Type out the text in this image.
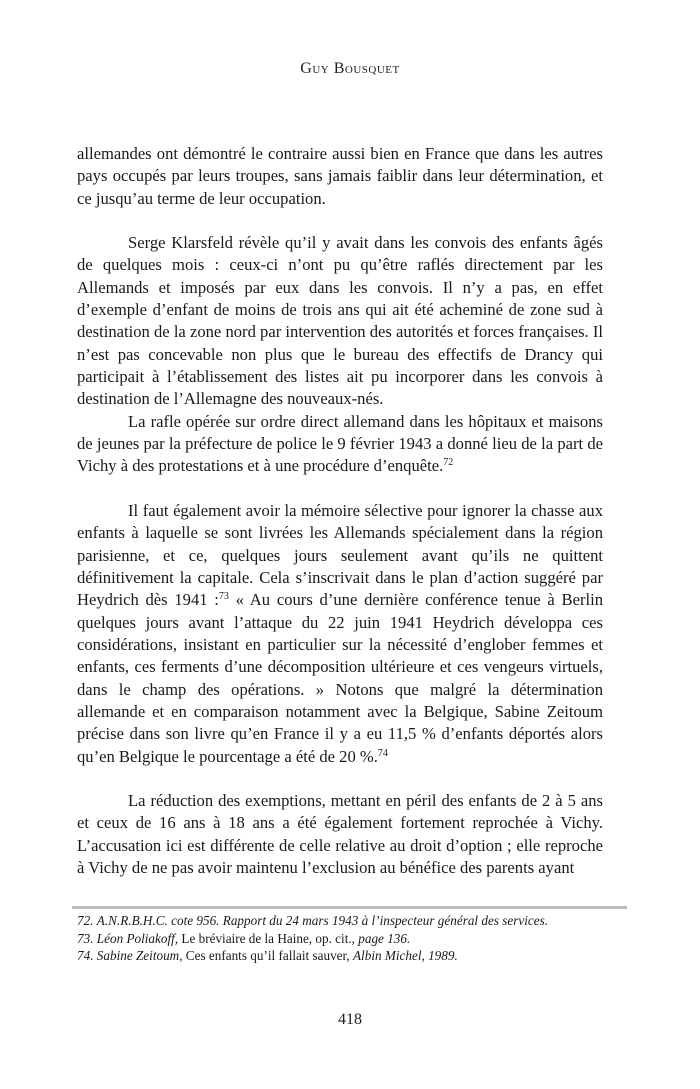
Guy Bousquet

allemandes ont démontré le contraire aussi bien en France que dans les autres pays occupés par leurs troupes, sans jamais faiblir dans leur détermination, et ce jusqu’au terme de leur occupation.

Serge Klarsfeld révèle qu’il y avait dans les convois des enfants âgés de quelques mois : ceux-ci n’ont pu qu’être raflés directement par les Allemands et imposés par eux dans les convois. Il n’y a pas, en effet d’exemple d’enfant de moins de trois ans qui ait été acheminé de zone sud à destination de la zone nord par intervention des autorités et forces françaises. Il n’est pas concevable non plus que le bureau des effectifs de Drancy qui participait à l’établissement des listes ait pu incorporer dans les convois à destination de l’Allemagne des nouveaux-nés.

La rafle opérée sur ordre direct allemand dans les hôpitaux et maisons de jeunes par la préfecture de police le 9 février 1943 a donné lieu de la part de Vichy à des protestations et à une procédure d’enquête.$^{72}$

Il faut également avoir la mémoire sélective pour ignorer la chasse aux enfants à laquelle se sont livrées les Allemands spécialement dans la région parisienne, et ce, quelques jours seulement avant qu’ils ne quittent définitivement la capitale. Cela s’inscrivait dans le plan d’action suggéré par Heydrich dès 1941 :$^{73}$ « Au cours d’une dernière conférence tenue à Berlin quelques jours avant l’attaque du 22 juin 1941 Heydrich développa ces considérations, insistant en particulier sur la nécessité d’englober femmes et enfants, ces ferments d’une décomposition ultérieure et ces vengeurs virtuels, dans le champ des opérations. » Notons que malgré la détermination allemande et en comparaison notamment avec la Belgique, Sabine Zeitoum précise dans son livre qu’en France il y a eu 11,5 % d’enfants déportés alors qu’en Belgique le pourcentage a été de 20 %.$^{74}$

La réduction des exemptions, mettant en péril des enfants de 2 à 5 ans et ceux de 16 ans à 18 ans a été également fortement reprochée à Vichy. L’accusation ici est différente de celle relative au droit d’option ; elle reproche à Vichy de ne pas avoir maintenu l’exclusion au bénéfice des parents ayant

72. A.N.R.B.H.C. cote 956. Rapport du 24 mars 1943 à l’inspecteur général des services.

73. Léon Poliakoff, Le bréviaire de la Haine, op. cit., page 136.

74. Sabine Zeitoum, Ces enfants qu’il fallait sauver, Albin Michel, 1989.

418
